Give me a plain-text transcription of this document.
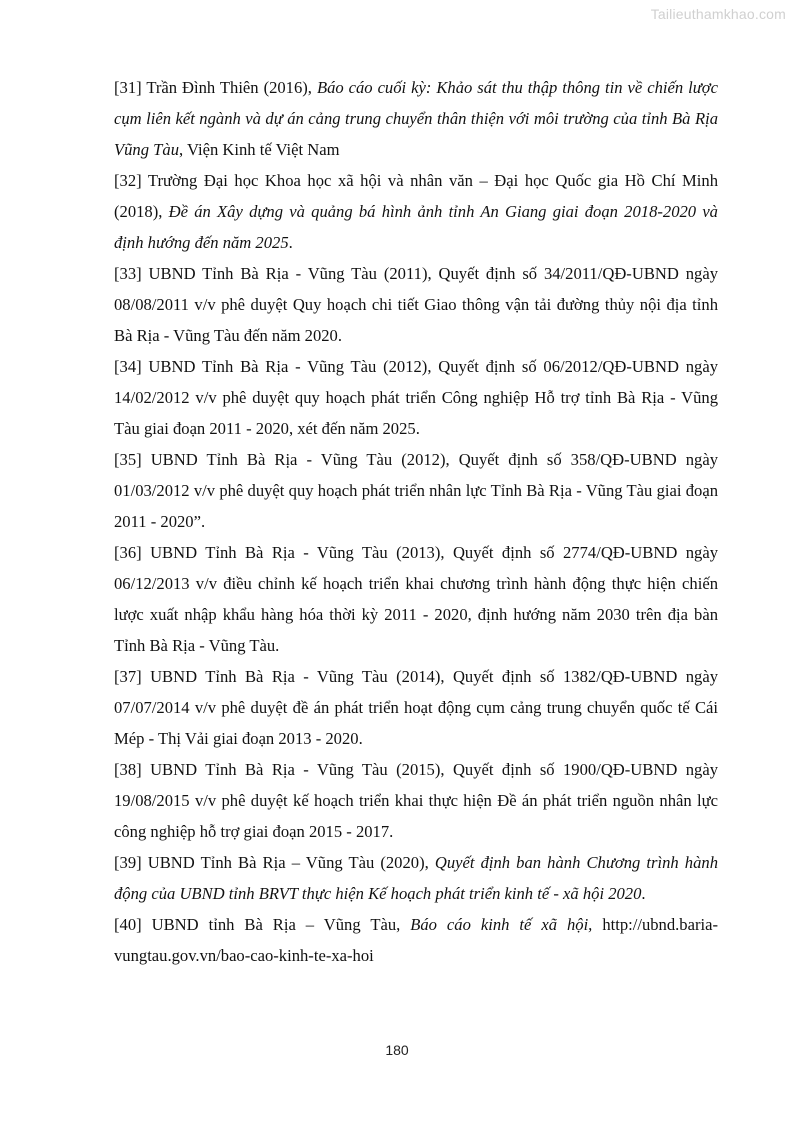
Tailieuthamkhao.com

[31] Trần Đình Thiên (2016), Báo cáo cuối kỳ: Khảo sát thu thập thông tin về chiến lược cụm liên kết ngành và dự án cảng trung chuyển thân thiện với môi trường của tỉnh Bà Rịa Vũng Tàu, Viện Kinh tế Việt Nam

[32] Trường Đại học Khoa học xã hội và nhân văn – Đại học Quốc gia Hồ Chí Minh (2018), Đề án Xây dựng và quảng bá hình ảnh tỉnh An Giang giai đoạn 2018-2020 và định hướng đến năm 2025.

[33] UBND Tỉnh Bà Rịa - Vũng Tàu (2011), Quyết định số 34/2011/QĐ-UBND ngày 08/08/2011 v/v phê duyệt Quy hoạch chi tiết Giao thông vận tải đường thủy nội địa tỉnh Bà Rịa - Vũng Tàu đến năm 2020.

[34] UBND Tỉnh Bà Rịa - Vũng Tàu (2012), Quyết định số 06/2012/QĐ-UBND ngày 14/02/2012 v/v phê duyệt quy hoạch phát triển Công nghiệp Hỗ trợ tỉnh Bà Rịa - Vũng Tàu giai đoạn 2011 - 2020, xét đến năm 2025.

[35] UBND Tỉnh Bà Rịa - Vũng Tàu (2012), Quyết định số 358/QĐ-UBND ngày 01/03/2012 v/v phê duyệt quy hoạch phát triển nhân lực Tỉnh Bà Rịa - Vũng Tàu giai đoạn 2011 - 2020”.

[36] UBND Tỉnh Bà Rịa - Vũng Tàu (2013), Quyết định số 2774/QĐ-UBND ngày 06/12/2013 v/v điều chỉnh kế hoạch triển khai chương trình hành động thực hiện chiến lược xuất nhập khẩu hàng hóa thời kỳ 2011 - 2020, định hướng năm 2030 trên địa bàn Tỉnh Bà Rịa - Vũng Tàu.

[37] UBND Tỉnh Bà Rịa - Vũng Tàu (2014), Quyết định số 1382/QĐ-UBND ngày 07/07/2014 v/v phê duyệt đề án phát triển hoạt động cụm cảng trung chuyển quốc tế Cái Mép - Thị Vải giai đoạn 2013 - 2020.

[38] UBND Tỉnh Bà Rịa - Vũng Tàu (2015), Quyết định số 1900/QĐ-UBND ngày 19/08/2015 v/v phê duyệt kế hoạch triển khai thực hiện Đề án phát triển nguồn nhân lực công nghiệp hỗ trợ giai đoạn 2015 - 2017.

[39] UBND Tỉnh Bà Rịa – Vũng Tàu (2020), Quyết định ban hành Chương trình hành động của UBND tỉnh BRVT thực hiện Kế hoạch phát triển kinh tế - xã hội 2020.

[40] UBND tỉnh Bà Rịa – Vũng Tàu, Báo cáo kinh tế xã hội, http://ubnd.baria-vungtau.gov.vn/bao-cao-kinh-te-xa-hoi

180
